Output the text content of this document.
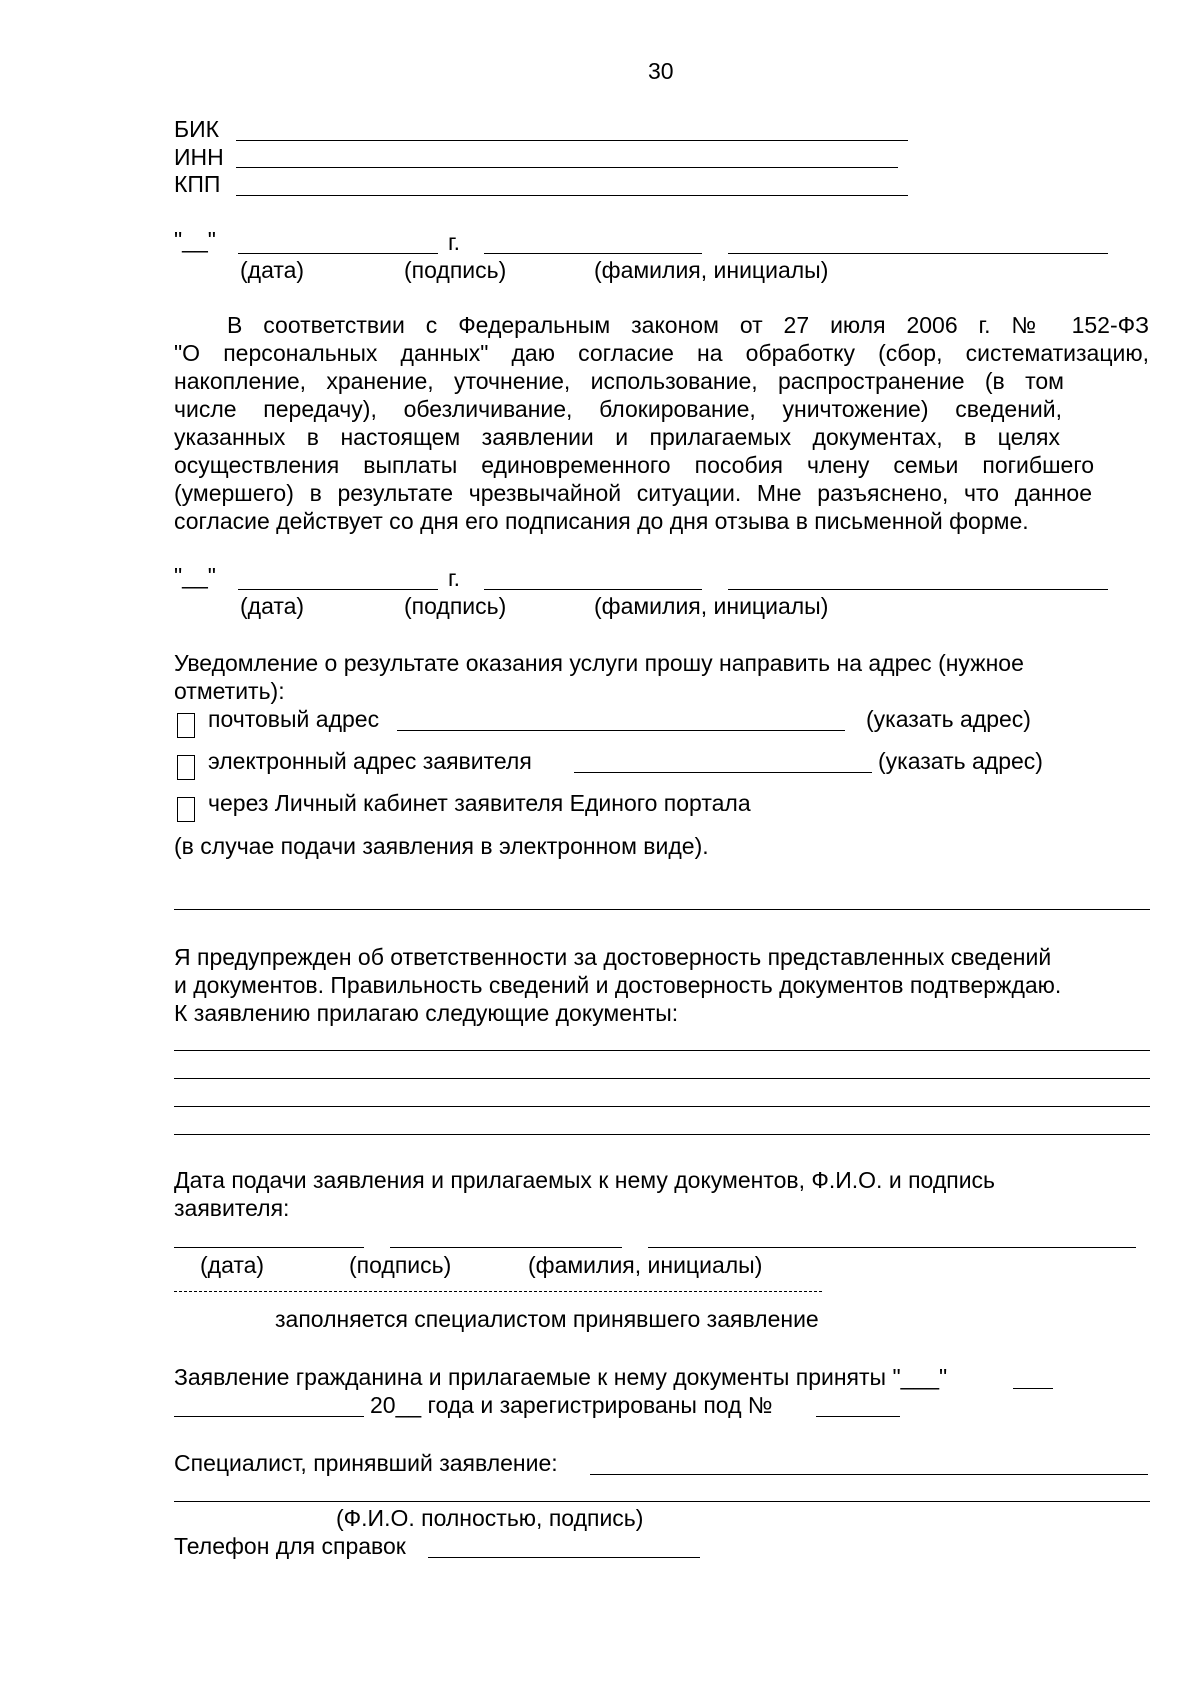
30
БИК
ИНН
КПП
"__"	г.
(дата)	(подпись)	(фамилия, инициалы)
В соответствии с Федеральным законом от 27 июля 2006 г. № 152-ФЗ
"О персональных данных" даю согласие на обработку (сбор, систематизацию,
накопление, хранение, уточнение, использование, распространение (в том
числе передачу), обезличивание, блокирование, уничтожение) сведений,
указанных в настоящем заявлении и прилагаемых документах, в целях
осуществления выплаты единовременного пособия члену семьи погибшего
(умершего) в результате чрезвычайной ситуации. Мне разъяснено, что данное
согласие действует со дня его подписания до дня отзыва в письменной форме.
"__"	г.
(дата)	(подпись)	(фамилия, инициалы)
Уведомление о результате оказания услуги прошу направить на адрес (нужное
отметить):
почтовый адрес	(указать адрес)
электронный адрес заявителя	(указать адрес)
через Личный кабинет заявителя Единого портала
(в случае подачи заявления в электронном виде).
Я предупрежден об ответственности за достоверность представленных сведений
и документов. Правильность сведений и достоверность документов подтверждаю.
К заявлению прилагаю следующие документы:
Дата подачи заявления и прилагаемых к нему документов, Ф.И.О. и подпись
заявителя:
(дата)	(подпись)	(фамилия, инициалы)
заполняется специалистом принявшего заявление
Заявление гражданина и прилагаемые к нему документы приняты "___"
20__ года и зарегистрированы под №
Специалист, принявший заявление:
(Ф.И.О. полностью, подпись)
Телефон для справок
